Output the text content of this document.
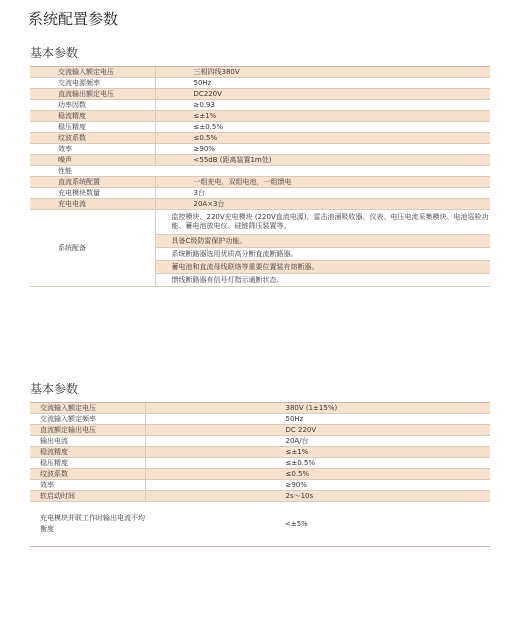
系统配置参数
基本参数
交流输入额定电压	三相四线380V
交流电源频率	50Hz
直流输出额定电压	DC220V
功率因数	≥0.93
稳流精度	≤±1%
稳压精度	≤±0.5%
纹波系数	≤0.5%
效率	≥90%
噪声	<55dB (距离装置1m处)
性能	
直流系统配置	一组充电，双组电池，一组馈电
充电模块数量	3台
充电电流	20A×3台
系统配备	监控模块、220V充电模块 (220V直流电源)、雷击浪涌吸收器、仪表、电压电流采集模块、电池巡检功能、蓄电池放电仪、硅链降压装置等。
	具备C级防雷保护功能。
	系统断路器选用优质高分断直流断路器。
	蓄电池和直流母线联络等重要位置装有熔断器。
	馈线断路器有信号灯指示通断状态。
基本参数
交流输入额定电压	380V (1±15%)
交流输入额定频率	50Hz
直流额定输出电压	DC 220V
输出电流	20A/台
稳流精度	≤±1%
稳压精度	≤±0.5%
纹波系数	≤0.5%
效率	≥90%
软启动时间	2s～10s
充电模块并联工作时输出电流不均衡度	<±5%
